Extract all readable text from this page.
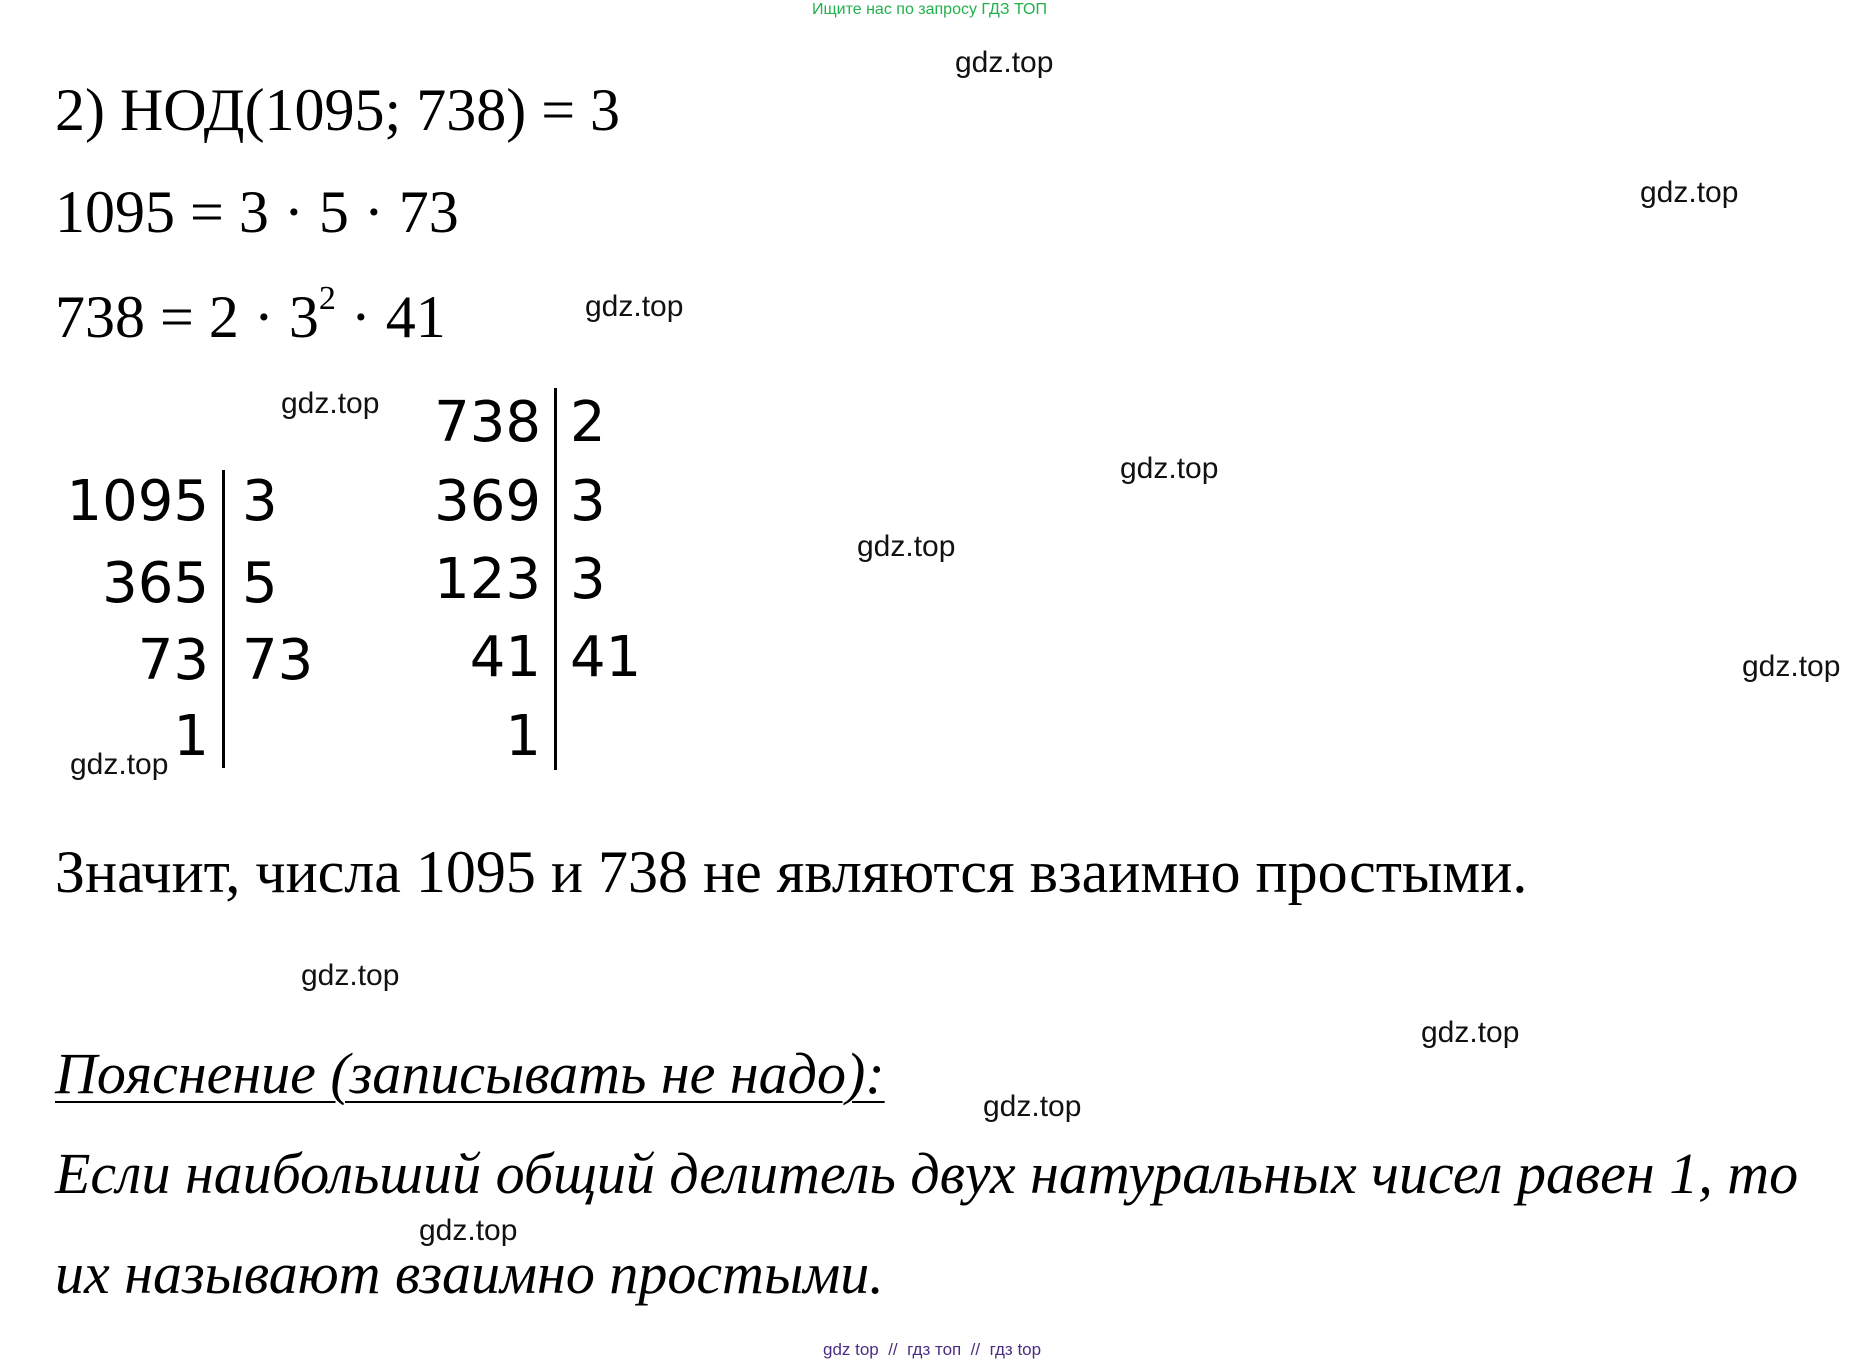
Ищите нас по запросу ГДЗ ТОП
gdz.top
gdz.top
gdz.top
gdz.top
gdz.top
gdz.top
gdz.top
gdz.top
gdz.top
gdz.top
gdz.top
gdz.top
2) НОД(1095; 738) = 3
1095 = 3 · 5 · 73
$738 = 2 \cdot 3^2 \cdot 41$
1095
365
73
1
3
5
73
738
369
123
41
1
2
3
3
41
Значит, числа 1095 и 738 не являются взаимно простыми.
Пояснение (записывать не надо):
Если наибольший общий делитель двух натуральных чисел равен 1, то
их называют взаимно простыми.
gdz top  //  гдз топ  //  гдз top
